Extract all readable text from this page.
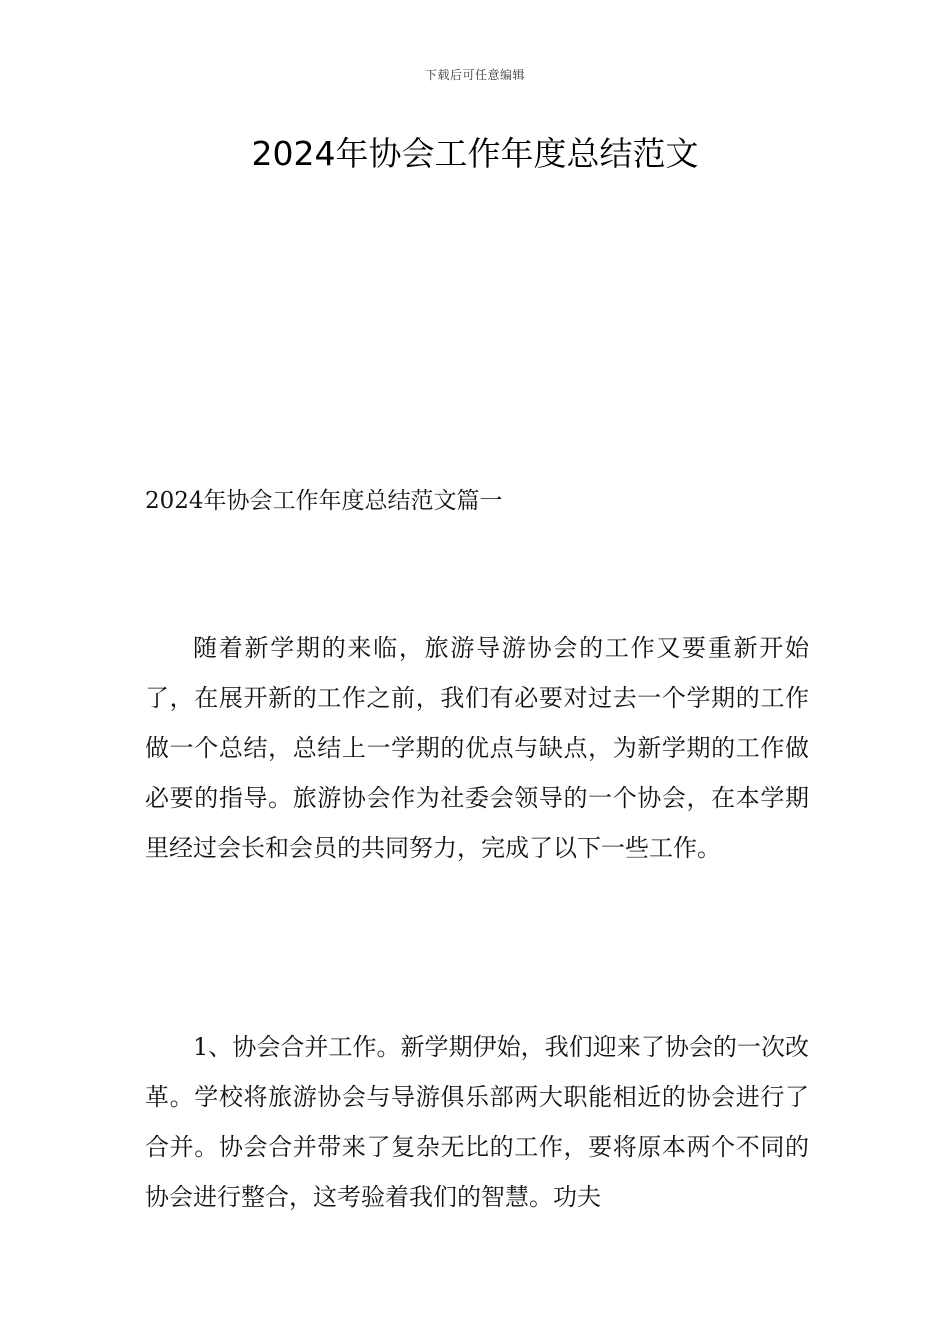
下载后可任意编辑
2024年协会工作年度总结范文
2024年协会工作年度总结范文篇一

随着新学期的来临，旅游导游协会的工作又要重新开始了，在展开新的工作之前，我们有必要对过去一个学期的工作做一个总结，总结上一学期的优点与缺点，为新学期的工作做必要的指导。旅游协会作为社委会领导的一个协会，在本学期里经过会长和会员的共同努力，完成了以下一些工作。

1、协会合并工作。新学期伊始，我们迎来了协会的一次改革。学校将旅游协会与导游俱乐部两大职能相近的协会进行了合并。协会合并带来了复杂无比的工作，要将原本两个不同的协会进行整合，这考验着我们的智慧。功夫
